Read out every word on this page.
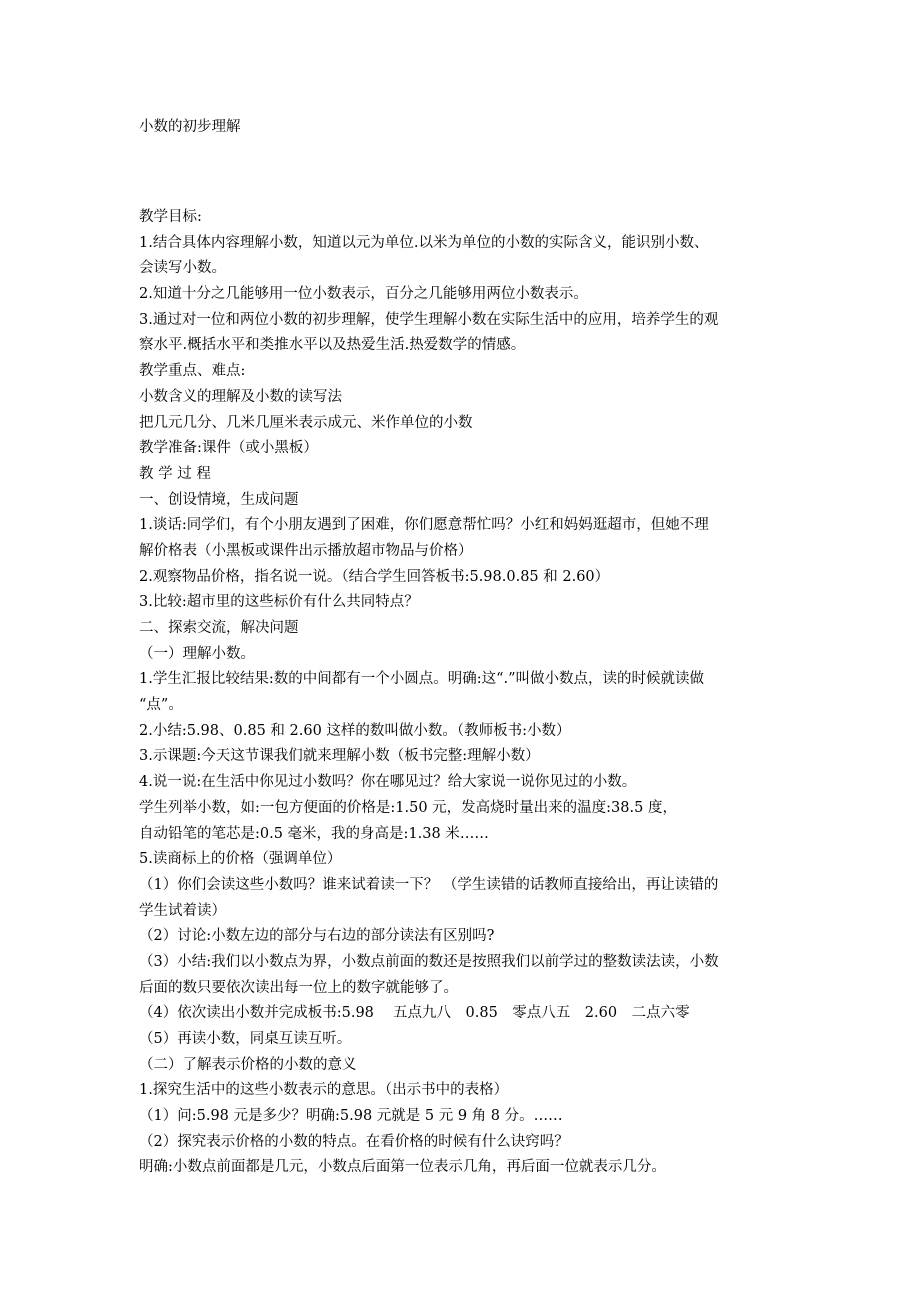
小数的初步理解
教学目标:
1.结合具体内容理解小数，知道以元为单位.以米为单位的小数的实际含义，能识别小数、
会读写小数。
2.知道十分之几能够用一位小数表示，百分之几能够用两位小数表示。
3.通过对一位和两位小数的初步理解，使学生理解小数在实际生活中的应用，培养学生的观
察水平.概括水平和类推水平以及热爱生活.热爱数学的情感。
教学重点、难点:
小数含义的理解及小数的读写法
把几元几分、几米几厘米表示成元、米作单位的小数
教学准备:课件（或小黑板）
教 学 过 程
一、创设情境，生成问题
1.谈话:同学们，有个小朋友遇到了困难，你们愿意帮忙吗？小红和妈妈逛超市，但她不理
解价格表（小黑板或课件出示播放超市物品与价格）
2.观察物品价格，指名说一说。（结合学生回答板书:5.98.0.85 和 2.60）
3.比较:超市里的这些标价有什么共同特点？
二、探索交流，解决问题
（一）理解小数。
1.学生汇报比较结果:数的中间都有一个小圆点。明确:这“.”叫做小数点，读的时候就读做
“点”。
2.小结:5.98、0.85 和 2.60 这样的数叫做小数。（教师板书:小数）
3.示课题:今天这节课我们就来理解小数（板书完整:理解小数）
4.说一说:在生活中你见过小数吗？你在哪见过？给大家说一说你见过的小数。
学生列举小数，如:一包方便面的价格是:1.50 元，发高烧时量出来的温度:38.5 度，
自动铅笔的笔芯是:0.5 毫米，我的身高是:1.38 米……
5.读商标上的价格（强调单位）
（1）你们会读这些小数吗？谁来试着读一下？ （学生读错的话教师直接给出，再让读错的
学生试着读）
（2）讨论:小数左边的部分与右边的部分读法有区别吗?
（3）小结:我们以小数点为界，小数点前面的数还是按照我们以前学过的整数读法读，小数
后面的数只要依次读出每一位上的数字就能够了。
（4）依次读出小数并完成板书:5.98　 五点九八　0.85　零点八五　2.60　二点六零
（5）再读小数，同桌互读互听。
（二）了解表示价格的小数的意义
1.探究生活中的这些小数表示的意思。（出示书中的表格）
（1）问:5.98 元是多少？明确:5.98 元就是 5 元 9 角 8 分。……
（2）探究表示价格的小数的特点。在看价格的时候有什么诀窍吗？
明确:小数点前面都是几元，小数点后面第一位表示几角，再后面一位就表示几分。
